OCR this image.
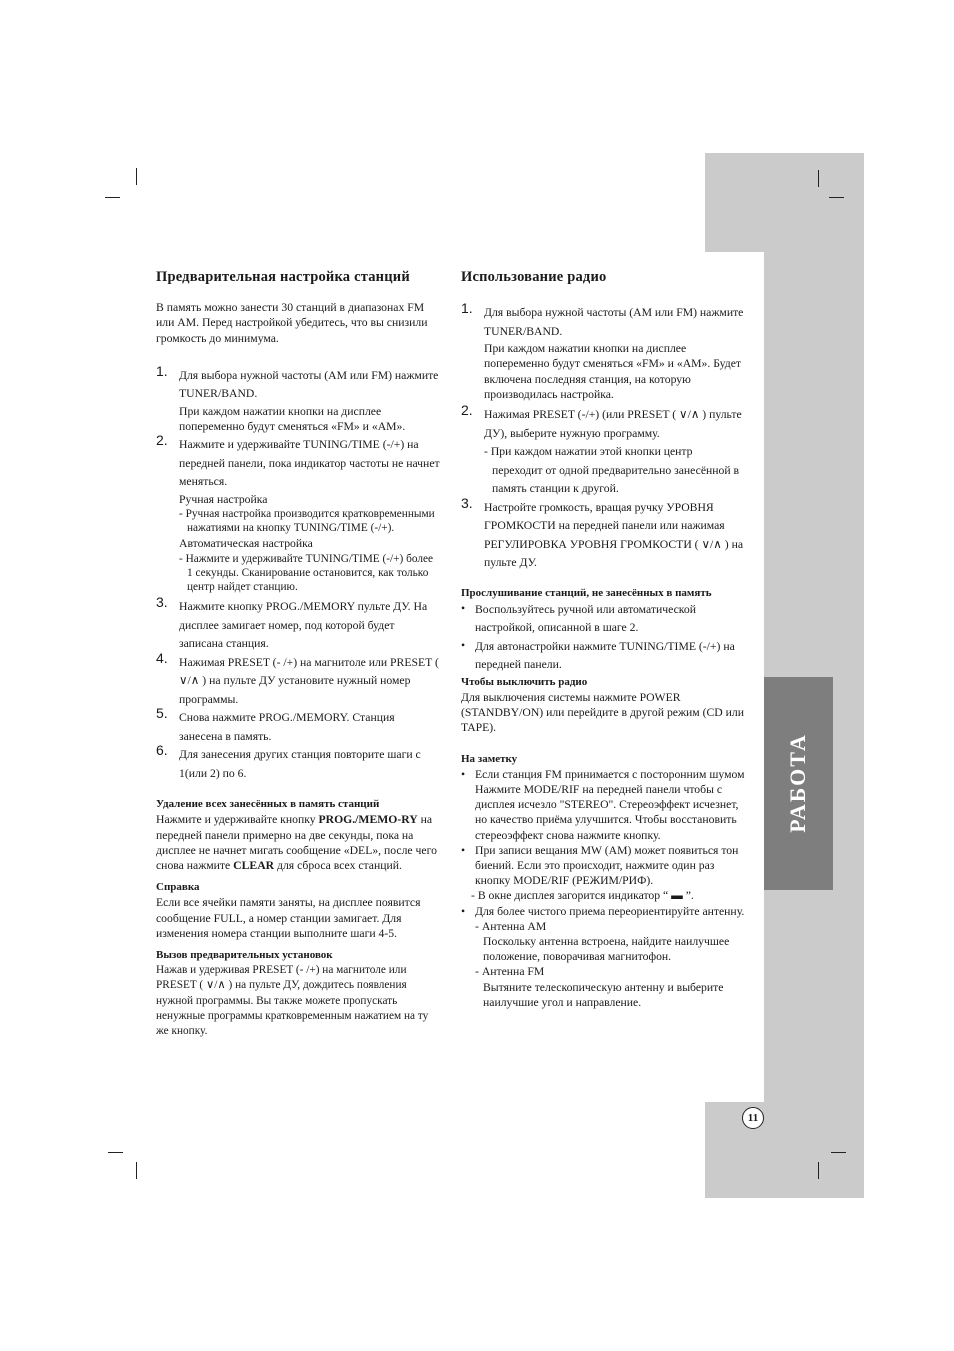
РАБОТА
11
Предварительная настройка станций

В память можно занести 30 станций в диапазонах FM или AM. Перед настройкой убедитесь, что вы снизили громкость до минимума.

1. Для выбора нужной частоты (AM или FM) нажмите TUNER/BAND.

При каждом нажатии кнопки на дисплее попеременно будут сменяться «FM» и «AM».

2. Нажмите и удерживайте TUNING/TIME (-/+) на передней панели, пока индикатор частоты не начнет меняться.

Ручная настройка

- Ручная настройка производится кратковременными нажатиями на кнопку TUNING/TIME (-/+).

Автоматическая настройка

- Нажмите и удерживайте TUNING/TIME (-/+) более 1 секунды. Сканирование остановится, как только центр найдет станцию.

3. Нажмите кнопку PROG./MEMORY пульте ДУ. На дисплее замигает номер, под которой будет записана станция.

4. Нажимая PRESET (- /+) на магнитоле или PRESET ( ∨/∧ ) на пульте ДУ установите нужный номер программы.

5. Снова нажмите PROG./MEMORY. Станция занесена в память.

6. Для занесения других станция повторите шаги с 1(или 2) по 6.

Удаление всех занесённых в память станций

Нажмите и удерживайте кнопку PROG./MEMO-RY на передней панели примерно на две секунды, пока на дисплее не начнет мигать сообщение «DEL», после чего снова нажмите CLEAR для сброса всех станций.

Справка

Если все ячейки памяти заняты, на дисплее появится сообщение FULL, а номер станции замигает. Для изменения номера станции выполните шаги 4-5.

Вызов предварительных установок

Нажав и удерживая PRESET (- /+) на магнитоле или PRESET ( ∨/∧ ) на пульте ДУ, дождитесь появления нужной программы. Вы также можете пропускать ненужные программы кратковременным нажатием на ту же кнопку.

Использование радио
1. Для выбора нужной частоты (AM или FM) нажмите TUNER/BAND.

При каждом нажатии кнопки на дисплее попеременно будут сменяться «FM» и «AM». Будет включена последняя станция, на которую производилась настройка.

2. Нажимая PRESET (-/+) (или PRESET ( ∨/∧ ) пульте ДУ), выберите нужную программу.

- При каждом нажатии этой кнопки центр переходит от одной предварительно занесённой в память станции к другой.

3. Настройте громкость, вращая ручку УРОВНЯ ГРОМКОСТИ на передней панели или нажимая РЕГУЛИРОВКА УРОВНЯ ГРОМКОСТИ ( ∨/∧ ) на пульте ДУ.

Прослушивание станций, не занесённых в память

• Воспользуйтесь ручной или автоматической настройкой, описанной в шаге 2.

• Для автонастройки нажмите TUNING/TIME (-/+) на передней панели.

Чтобы выключить радио

Для выключения системы нажмите POWER (STANDBY/ON) или перейдите в другой режим (CD или TAPE).

На заметку

• Если станция FM принимается с посторонним шумом

Нажмите MODE/RIF на передней панели чтобы с дисплея исчезло "STEREO". Стереоэффект исчезнет, но качество приёма улучшится. Чтобы восстановить стереоэффект снова нажмите кнопку.

• При записи вещания MW (AM) может появиться тон биений. Если это происходит, нажмите один раз кнопку MODE/RIF (РЕЖИМ/РИФ).

- В окне дисплея загорится индикатор “ ▬ ”.

• Для более чистого приема переориентируйте антенну.

- Антенна AM

Поскольку антенна встроена, найдите наилучшее положение, поворачивая магнитофон.

- Антенна FM

Вытяните телескопическую антенну и выберите наилучшие угол и направление.
